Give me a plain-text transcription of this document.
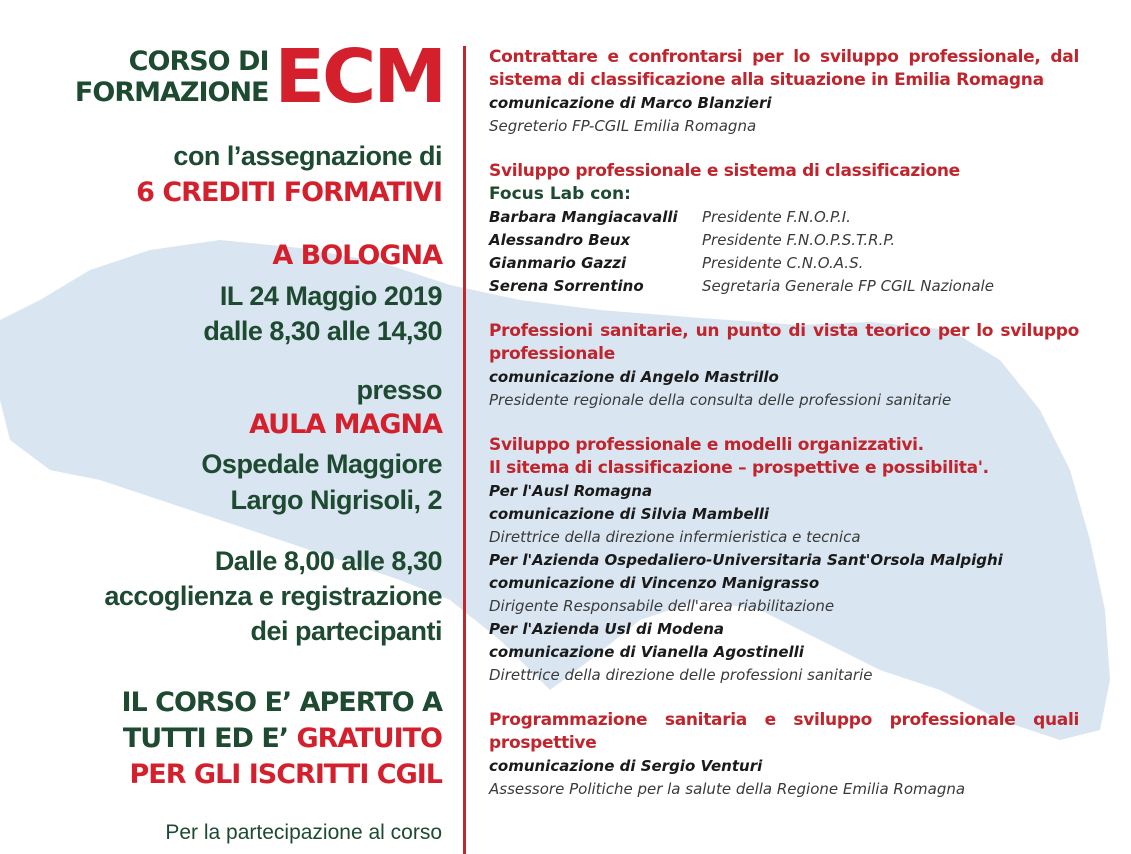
CORSO DI
FORMAZIONE ECM
con l’assegnazione di
6 CREDITI FORMATIVI
A BOLOGNA
IL 24 Maggio 2019
dalle 8,30 alle 14,30
presso
AULA MAGNA
Ospedale Maggiore
Largo Nigrisoli, 2
Dalle 8,00 alle 8,30
accoglienza e registrazione
dei partecipanti
IL CORSO E’ APERTO A
TUTTI ED E’ GRATUITO
PER GLI ISCRITTI CGIL
Per la partecipazione al corso
Contrattare e confrontarsi per lo sviluppo professionale, dal sistema di classificazione alla situazione in Emilia Romagna
comunicazione di Marco Blanzieri
Segreterio FP-CGIL Emilia Romagna
Sviluppo professionale e sistema di classificazione
Focus Lab con:
Barbara Mangiacavalli	Presidente F.N.O.P.I.
Alessandro Beux	Presidente F.N.O.P.S.T.R.P.
Gianmario Gazzi	Presidente C.N.O.A.S.
Serena Sorrentino	Segretaria Generale FP CGIL Nazionale
Professioni sanitarie, un punto di vista teorico per lo sviluppo professionale
comunicazione di Angelo Mastrillo
Presidente regionale della consulta delle professioni sanitarie
Sviluppo professionale e modelli organizzativi.
Il sitema di classificazione – prospettive e possibilita'.
Per l'Ausl Romagna
comunicazione di Silvia Mambelli
Direttrice della direzione infermieristica e tecnica
Per l'Azienda Ospedaliero-Universitaria Sant'Orsola Malpighi
comunicazione di Vincenzo Manigrasso
Dirigente Responsabile dell'area riabilitazione
Per l'Azienda Usl di Modena
comunicazione di Vianella Agostinelli
Direttrice della direzione delle professioni sanitarie
Programmazione sanitaria e sviluppo professionale quali prospettive
comunicazione di Sergio Venturi
Assessore Politiche per la salute della Regione Emilia Romagna
